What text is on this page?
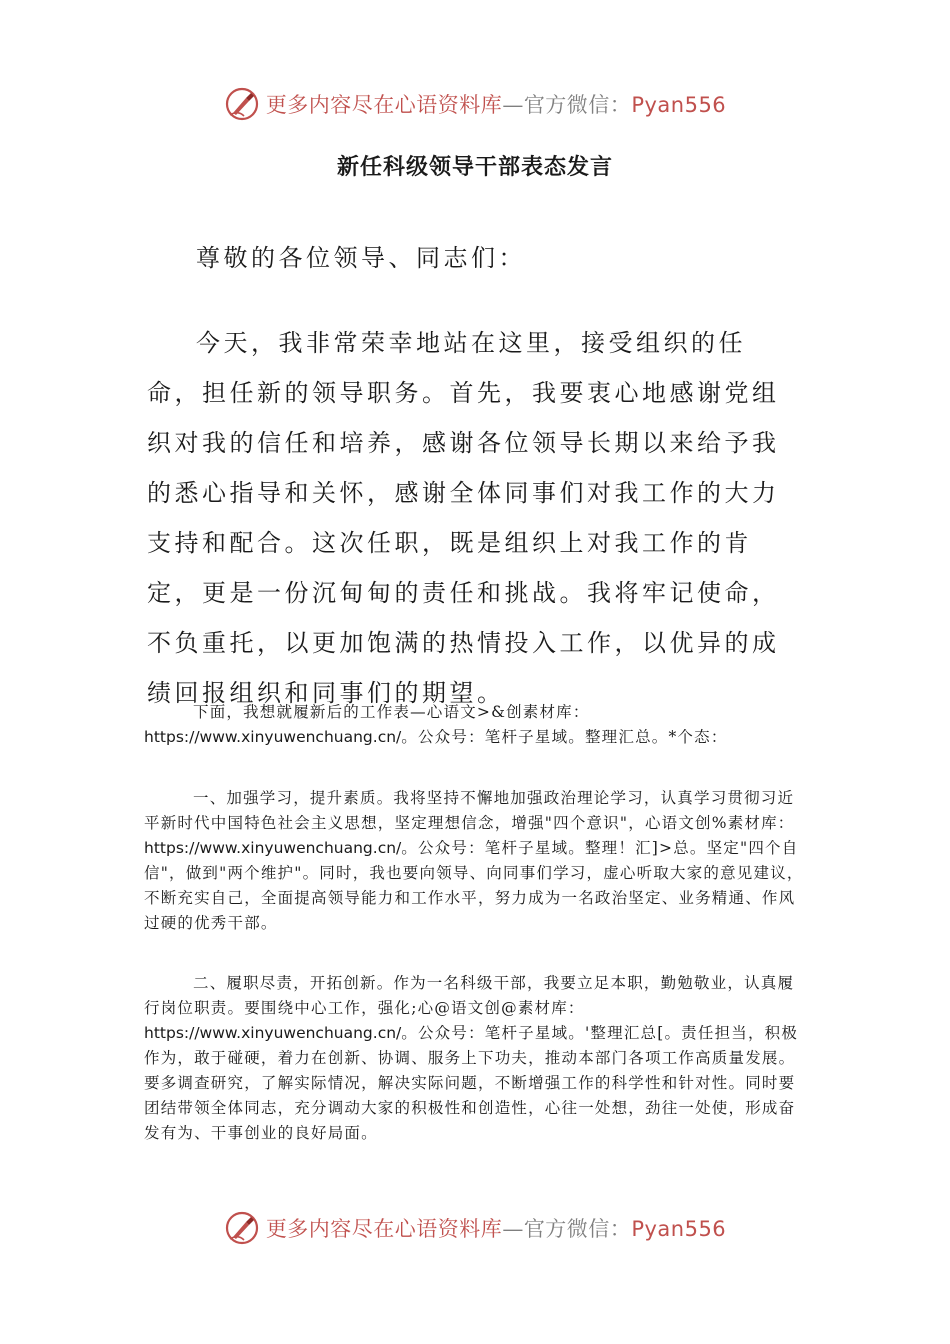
更多内容尽在心语资料库—官方微信：Pyan556
新任科级领导干部表态发言
尊敬的各位领导、同志们：
今天，我非常荣幸地站在这里，接受组织的任命，担任新的领导职务。首先，我要衷心地感谢党组织对我的信任和培养，感谢各位领导长期以来给予我的悉心指导和关怀，感谢全体同事们对我工作的大力支持和配合。这次任职，既是组织上对我工作的肯定，更是一份沉甸甸的责任和挑战。我将牢记使命，不负重托，以更加饱满的热情投入工作，以优异的成绩回报组织和同事们的期望。
下面，我想就履新后的工作表—心语文>&创素材库：https://www.xinyuwenchuang.cn/。公众号：笔杆子星域。整理汇总。*个态：
一、加强学习，提升素质。我将坚持不懈地加强政治理论学习，认真学习贯彻习近平新时代中国特色社会主义思想，坚定理想信念，增强"四个意识"，心语文创%素材库：https://www.xinyuwenchuang.cn/。公众号：笔杆子星域。整理！汇]>总。坚定"四个自信"，做到"两个维护"。同时，我也要向领导、向同事们学习，虚心听取大家的意见建议，不断充实自己，全面提高领导能力和工作水平，努力成为一名政治坚定、业务精通、作风过硬的优秀干部。
二、履职尽责，开拓创新。作为一名科级干部，我要立足本职，勤勉敬业，认真履行岗位职责。要围绕中心工作，强化;心@语文创@素材库：https://www.xinyuwenchuang.cn/。公众号：笔杆子星域。'整理汇总[。责任担当，积极作为，敢于碰硬，着力在创新、协调、服务上下功夫，推动本部门各项工作高质量发展。要多调查研究，了解实际情况，解决实际问题，不断增强工作的科学性和针对性。同时要团结带领全体同志，充分调动大家的积极性和创造性，心往一处想，劲往一处使，形成奋发有为、干事创业的良好局面。
更多内容尽在心语资料库—官方微信：Pyan556
